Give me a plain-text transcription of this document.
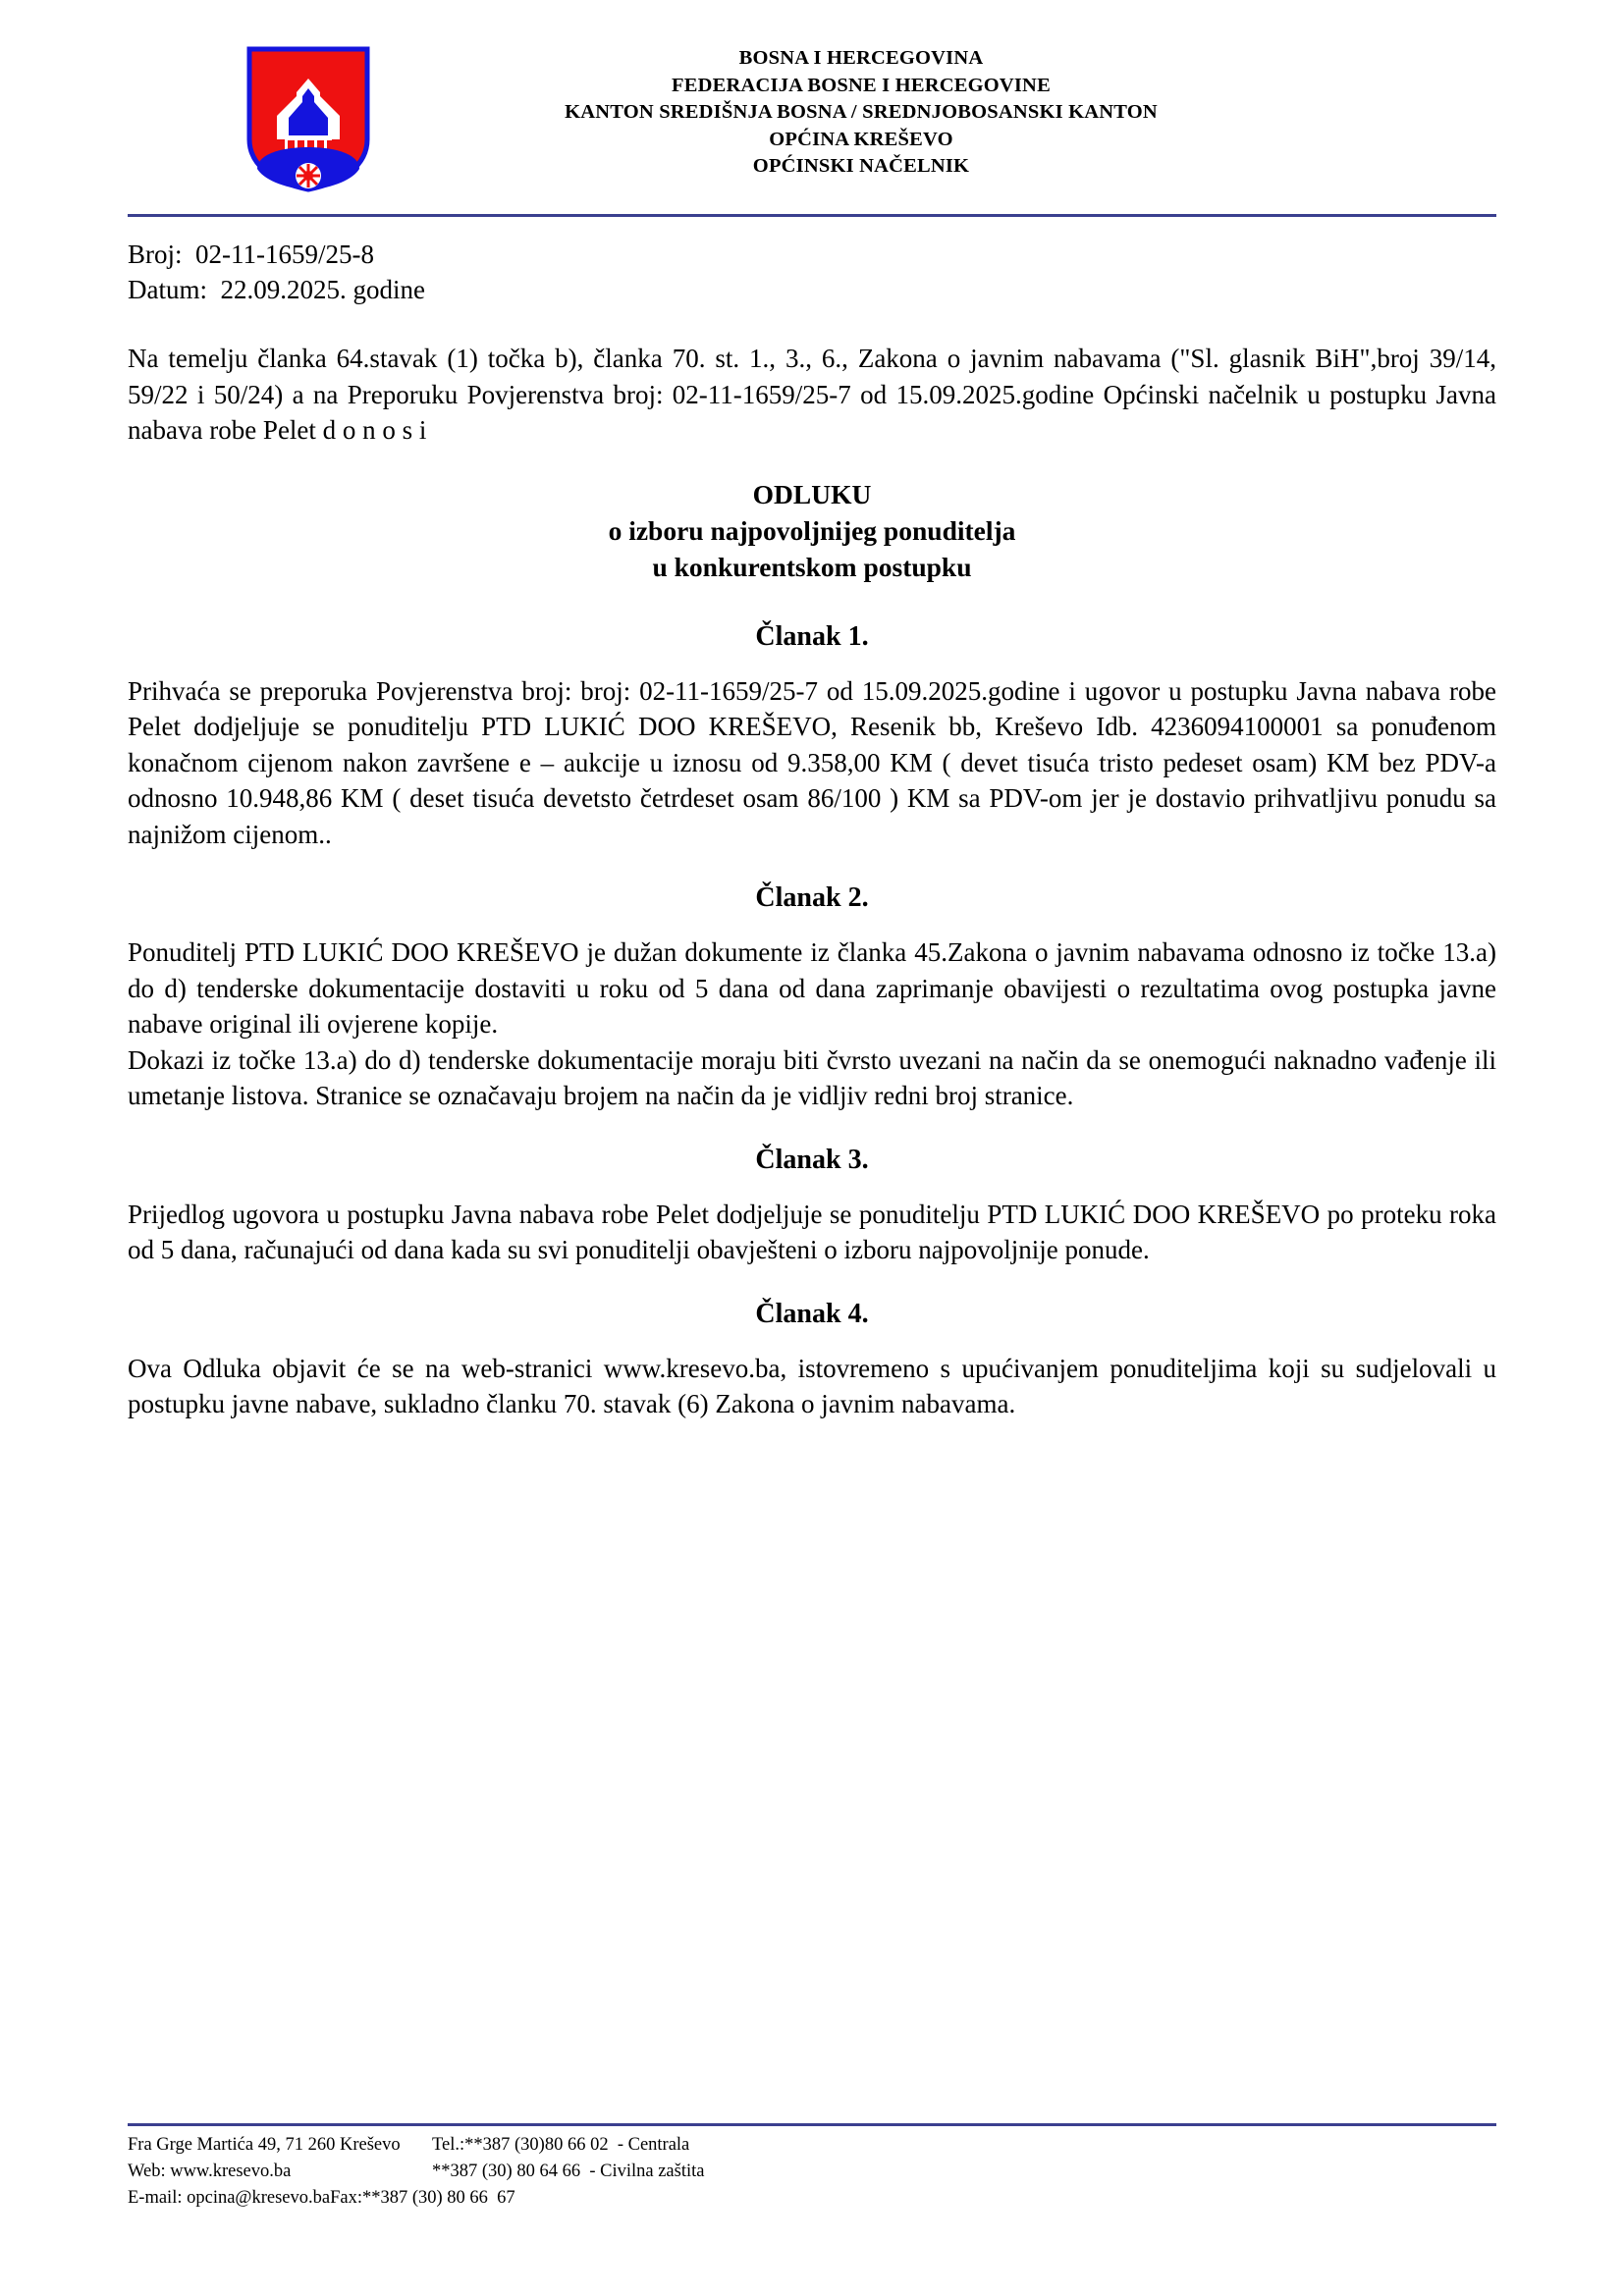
BOSNA I HERCEGOVINA
FEDERACIJA BOSNE I HERCEGOVINE
KANTON SREDIŠNJA BOSNA / SREDNJOBOSANSKI KANTON
OPĆINA KREŠEVO
OPĆINSKI NAČELNIK
Broj:  02-11-1659/25-8
Datum:  22.09.2025. godine

Na temelju članka 64.stavak (1) točka b), članka 70. st. 1., 3., 6., Zakona o javnim nabavama ("Sl. glasnik BiH",broj 39/14, 59/22 i 50/24) a na Preporuku Povjerenstva broj: 02-11-1659/25-7 od 15.09.2025.godine Općinski načelnik u postupku Javna nabava robe Pelet d o n o s i

ODLUKU
o izboru najpovoljnijeg ponuditelja
u konkurentskom postupku
Članak 1.

Prihvaća se preporuka Povjerenstva broj: broj: 02-11-1659/25-7 od 15.09.2025.godine i ugovor u postupku Javna nabava robe Pelet dodjeljuje se ponuditelju PTD LUKIĆ DOO KREŠEVO, Resenik bb, Kreševo Idb. 4236094100001 sa ponuđenom konačnom cijenom nakon završene e – aukcije u iznosu od 9.358,00 KM ( devet tisuća tristo pedeset osam) KM bez PDV-a odnosno 10.948,86 KM ( deset tisuća devetsto četrdeset osam 86/100 ) KM sa PDV-om jer je dostavio prihvatljivu ponudu sa najnižom cijenom..

Članak 2.

Ponuditelj PTD LUKIĆ DOO KREŠEVO je dužan dokumente iz članka 45.Zakona o javnim nabavama odnosno iz točke 13.a) do d) tenderske dokumentacije dostaviti u roku od 5 dana od dana zaprimanje obavijesti o rezultatima ovog postupka javne nabave original ili ovjerene kopije.

Dokazi iz točke 13.a) do d) tenderske dokumentacije moraju biti čvrsto uvezani na način da se onemogući naknadno vađenje ili umetanje listova. Stranice se označavaju brojem na način da je vidljiv redni broj stranice.

Članak 3.

Prijedlog ugovora u postupku Javna nabava robe Pelet dodjeljuje se ponuditelju PTD LUKIĆ DOO KREŠEVO po proteku roka od 5 dana, računajući od dana kada su svi ponuditelji obavješteni o izboru najpovoljnije ponude.

Članak 4.

Ova Odluka objavit će se na web-stranici www.kresevo.ba, istovremeno s upućivanjem ponuditeljima koji su sudjelovali u postupku javne nabave, sukladno članku 70. stavak (6) Zakona o javnim nabavama.

Fra Grge Martića 49, 71 260 Kreševo	Tel.:**387 (30)80 66 02  - Centrala
Web: www.kresevo.ba	**387 (30) 80 64 66  - Civilna zaštita
E-mail: opcina@kresevo.baFax:**387 (30) 80 66  67
